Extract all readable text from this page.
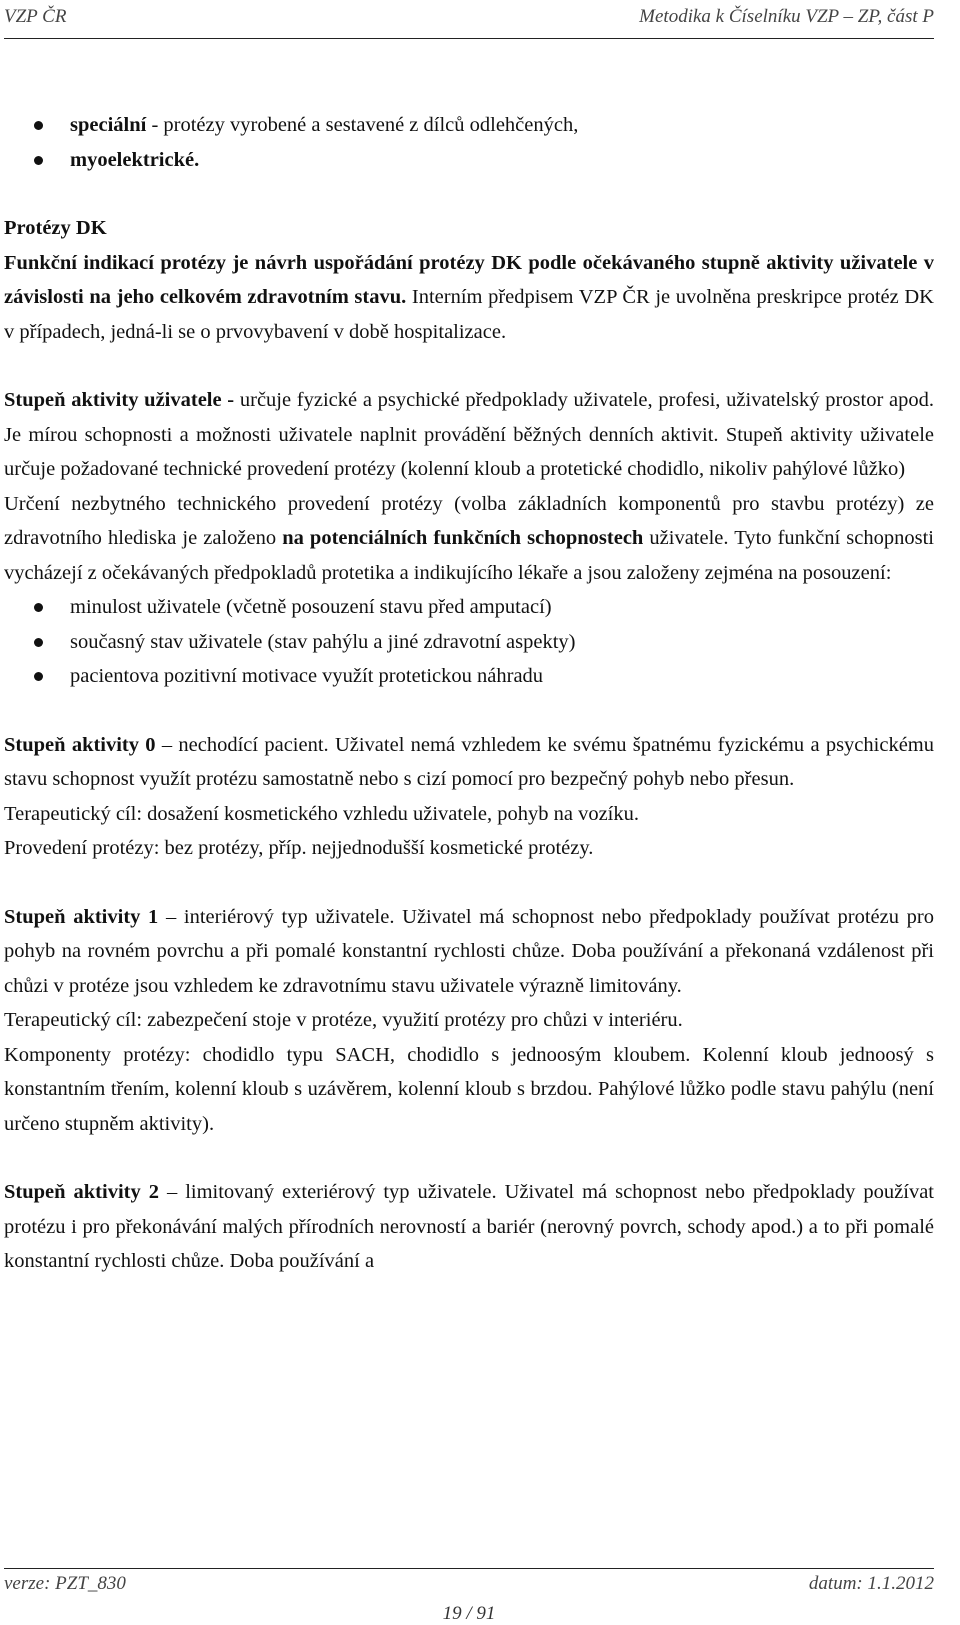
VZP ČR	Metodika k Číselníku VZP – ZP, část P
speciální - protézy vyrobené a sestavené z dílců odlehčených,
myoelektrické.

Protézy DK

Funkční indikací protézy je návrh uspořádání protézy DK podle očekávaného stupně aktivity uživatele v závislosti na jeho celkovém zdravotním stavu. Interním předpisem VZP ČR je uvolněna preskripce protéz DK v případech, jedná-li se o prvovybavení v době hospitalizace.

Stupeň aktivity uživatele - určuje fyzické a psychické předpoklady uživatele, profesi, uživatelský prostor apod. Je mírou schopnosti a možnosti uživatele naplnit provádění běžných denních aktivit. Stupeň aktivity uživatele určuje požadované technické provedení protézy (kolenní kloub a protetické chodidlo, nikoliv pahýlové lůžko)

Určení nezbytného technického provedení protézy (volba základních komponentů pro stavbu protézy) ze zdravotního hlediska je založeno na potenciálních funkčních schopnostech uživatele. Tyto funkční schopnosti vycházejí z očekávaných předpokladů protetika a indikujícího lékaře a jsou založeny zejména na posouzení:

minulost uživatele (včetně posouzení stavu před amputací)
současný stav uživatele (stav pahýlu a jiné zdravotní aspekty)
pacientova pozitivní motivace využít protetickou náhradu

Stupeň aktivity 0 – nechodící pacient. Uživatel nemá vzhledem ke svému špatnému fyzickému a psychickému stavu schopnost využít protézu samostatně nebo s cizí pomocí pro bezpečný pohyb nebo přesun.

Terapeutický cíl: dosažení kosmetického vzhledu uživatele, pohyb na vozíku.

Provedení protézy: bez protézy, příp. nejjednodušší kosmetické protézy.

Stupeň aktivity 1 – interiérový typ uživatele. Uživatel má schopnost nebo předpoklady používat protézu pro pohyb na rovném povrchu a při pomalé konstantní rychlosti chůze. Doba používání a překonaná vzdálenost při chůzi v protéze jsou vzhledem ke zdravotnímu stavu uživatele výrazně limitovány.

Terapeutický cíl: zabezpečení stoje v protéze, využití protézy pro chůzi v interiéru.

Komponenty protézy: chodidlo typu SACH, chodidlo s jednoosým kloubem. Kolenní kloub jednoosý s konstantním třením, kolenní kloub s uzávěrem, kolenní kloub s brzdou. Pahýlové lůžko podle stavu pahýlu (není určeno stupněm aktivity).

Stupeň aktivity 2 – limitovaný exteriérový typ uživatele. Uživatel má schopnost nebo předpoklady používat protézu i pro překonávání malých přírodních nerovností a bariér (nerovný povrch, schody apod.) a to při pomalé konstantní rychlosti chůze. Doba používání a

verze: PZT_830	datum: 1.1.2012
19 / 91
